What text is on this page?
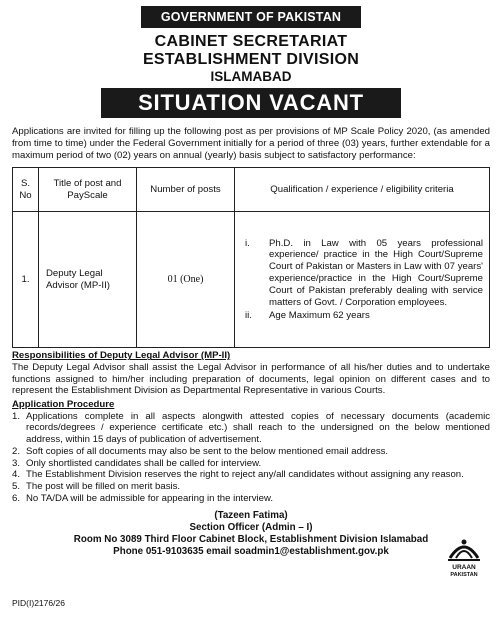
GOVERNMENT OF PAKISTAN
CABINET SECRETARIAT
ESTABLISHMENT DIVISION
ISLAMABAD
SITUATION VACANT

Applications are invited for filling up the following post as per provisions of MP Scale Policy 2020, (as amended from time to time) under the Federal Government initially for a period of three (03) years, further extendable for a maximum period of two (02) years on annual (yearly) basis subject to satisfactory performance:

S. No	Title of post and PayScale	Number of posts	Qualification / experience / eligibility criteria
1.	Deputy Legal Advisor (MP-II)	01 (One)	i. Ph.D. in Law with 05 years professional experience/ practice in the High Court/Supreme Court of Pakistan or Masters in Law with 07 years' experience/practice in the High Court/Supreme Court of Pakistan preferably dealing with service matters of Govt. / Corporation employees.
ii. Age Maximum 62 years
Responsibilities of Deputy Legal Advisor (MP-II)

The Deputy Legal Advisor shall assist the Legal Advisor in performance of all his/her duties and to undertake functions assigned to him/her including preparation of documents, legal opinion on different cases and to represent the Establishment Division as Departmental Representative in various Courts.

Application Procedure
1. Applications complete in all aspects alongwith attested copies of necessary documents (academic records/degrees / experience certificate etc.) shall reach to the undersigned on the below mentioned address, within 15 days of publication of advertisement.
2. Soft copies of all documents may also be sent to the below mentioned email address.
3. Only shortlisted candidates shall be called for interview.
4. The Establishment Division reserves the right to reject any/all candidates without assigning any reason.
5. The post will be filled on merit basis.
6. No TA/DA will be admissible for appearing in the interview.
(Tazeen Fatima)
Section Officer (Admin – I)
Room No 3089 Third Floor Cabinet Block, Establishment Division Islamabad
Phone 051-9103635 email soadmin1@establishment.gov.pk
PID(I)2176/26
URAAN
PAKISTAN
